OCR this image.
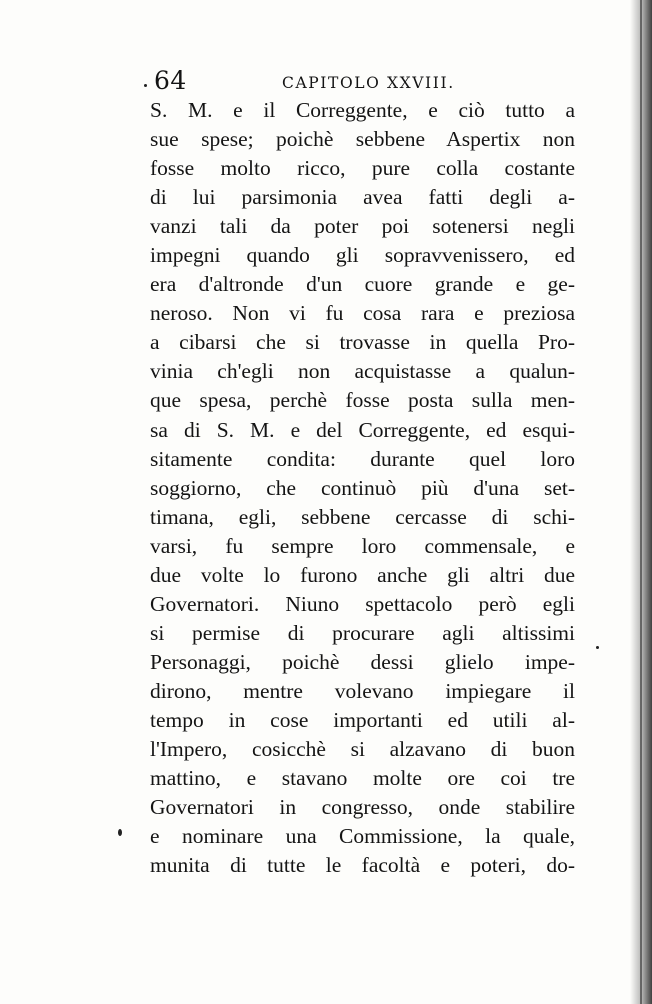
64	CAPITOLO XXVIII.
S. M. e il Correggente, e ciò tutto a
sue spese; poichè sebbene Aspertix non
fosse molto ricco, pure colla costante
di lui parsimonia avea fatti degli a-
vanzi tali da poter poi sotenersi negli
impegni quando gli sopravvenissero, ed
era d'altronde d'un cuore grande e ge-
neroso. Non vi fu cosa rara e preziosa
a cibarsi che si trovasse in quella Pro-
vinia ch'egli non acquistasse a qualun-
que spesa, perchè fosse posta sulla men-
sa di S. M. e del Correggente, ed esqui-
sitamente condita: durante quel loro
soggiorno, che continuò più d'una set-
timana, egli, sebbene cercasse di schi-
varsi, fu sempre loro commensale, e
due volte lo furono anche gli altri due
Governatori. Niuno spettacolo però egli
si permise di procurare agli altissimi
Personaggi, poichè dessi glielo impe-
dirono, mentre volevano impiegare il
tempo in cose importanti ed utili al-
l'Impero, cosicchè si alzavano di buon
mattino, e stavano molte ore coi tre
Governatori in congresso, onde stabilire
e nominare una Commissione, la quale,
munita di tutte le facoltà e poteri, do-
